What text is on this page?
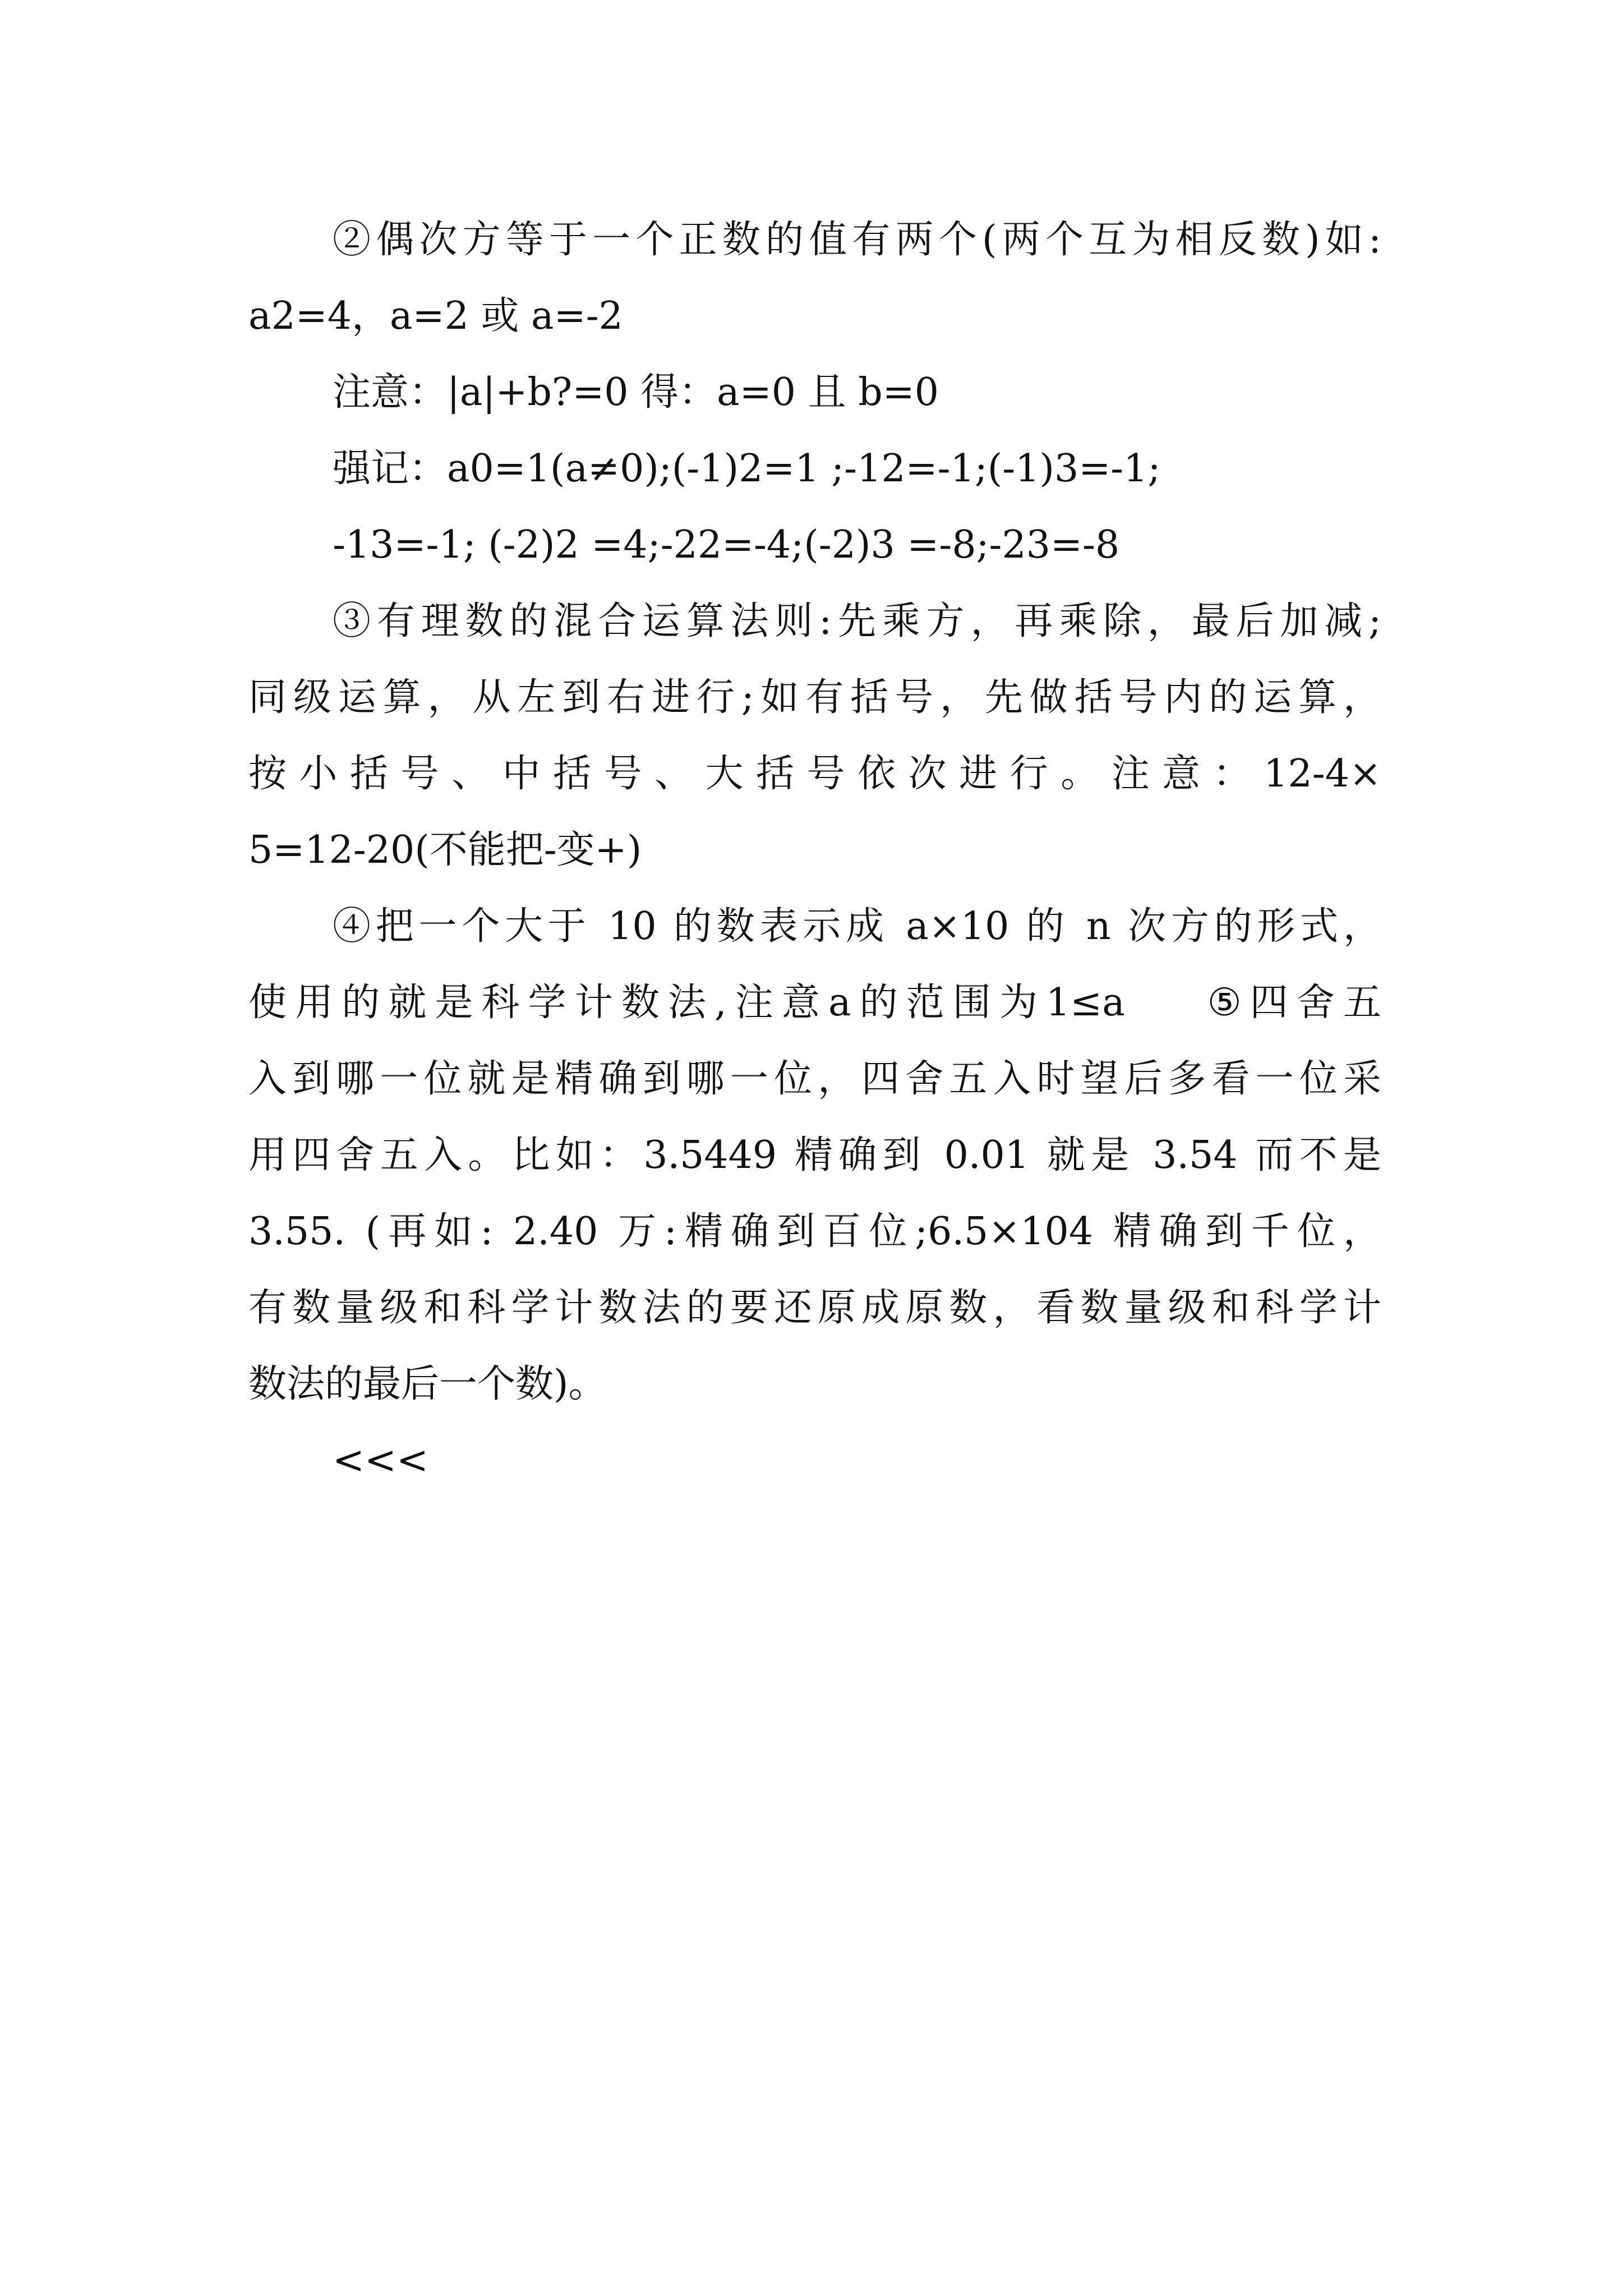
②偶次方等于一个正数的值有两个(两个互为相反数)如:
a2=4，a=2 或 a=-2
注意：|a|+b?=0 得：a=0 且 b=0
强记：a0=1(a≠0);(-1)2=1 ;-12=-1;(-1)3=-1;
-13=-1; (-2)2 =4;-22=-4;(-2)3 =-8;-23=-8
③有理数的混合运算法则:先乘方，再乘除，最后加减;
同级运算，从左到右进行;如有括号，先做括号内的运算，
按小括号、中括号、大括号依次进行。注意：12-4×
5=12-20(不能把-变+)
④把一个大于 10 的数表示成 a×10 的 n 次方的形式，
使用的就是科学计数法,注意a的范围为1≤a    ⑤四舍五
入到哪一位就是精确到哪一位，四舍五入时望后多看一位采
用四舍五入。比如：3.5449 精确到 0.01 就是 3.54 而不是
3.55. (再如: 2.40 万:精确到百位;6.5×104 精确到千位，
有数量级和科学计数法的要还原成原数，看数量级和科学计
数法的最后一个数)。
<<<
